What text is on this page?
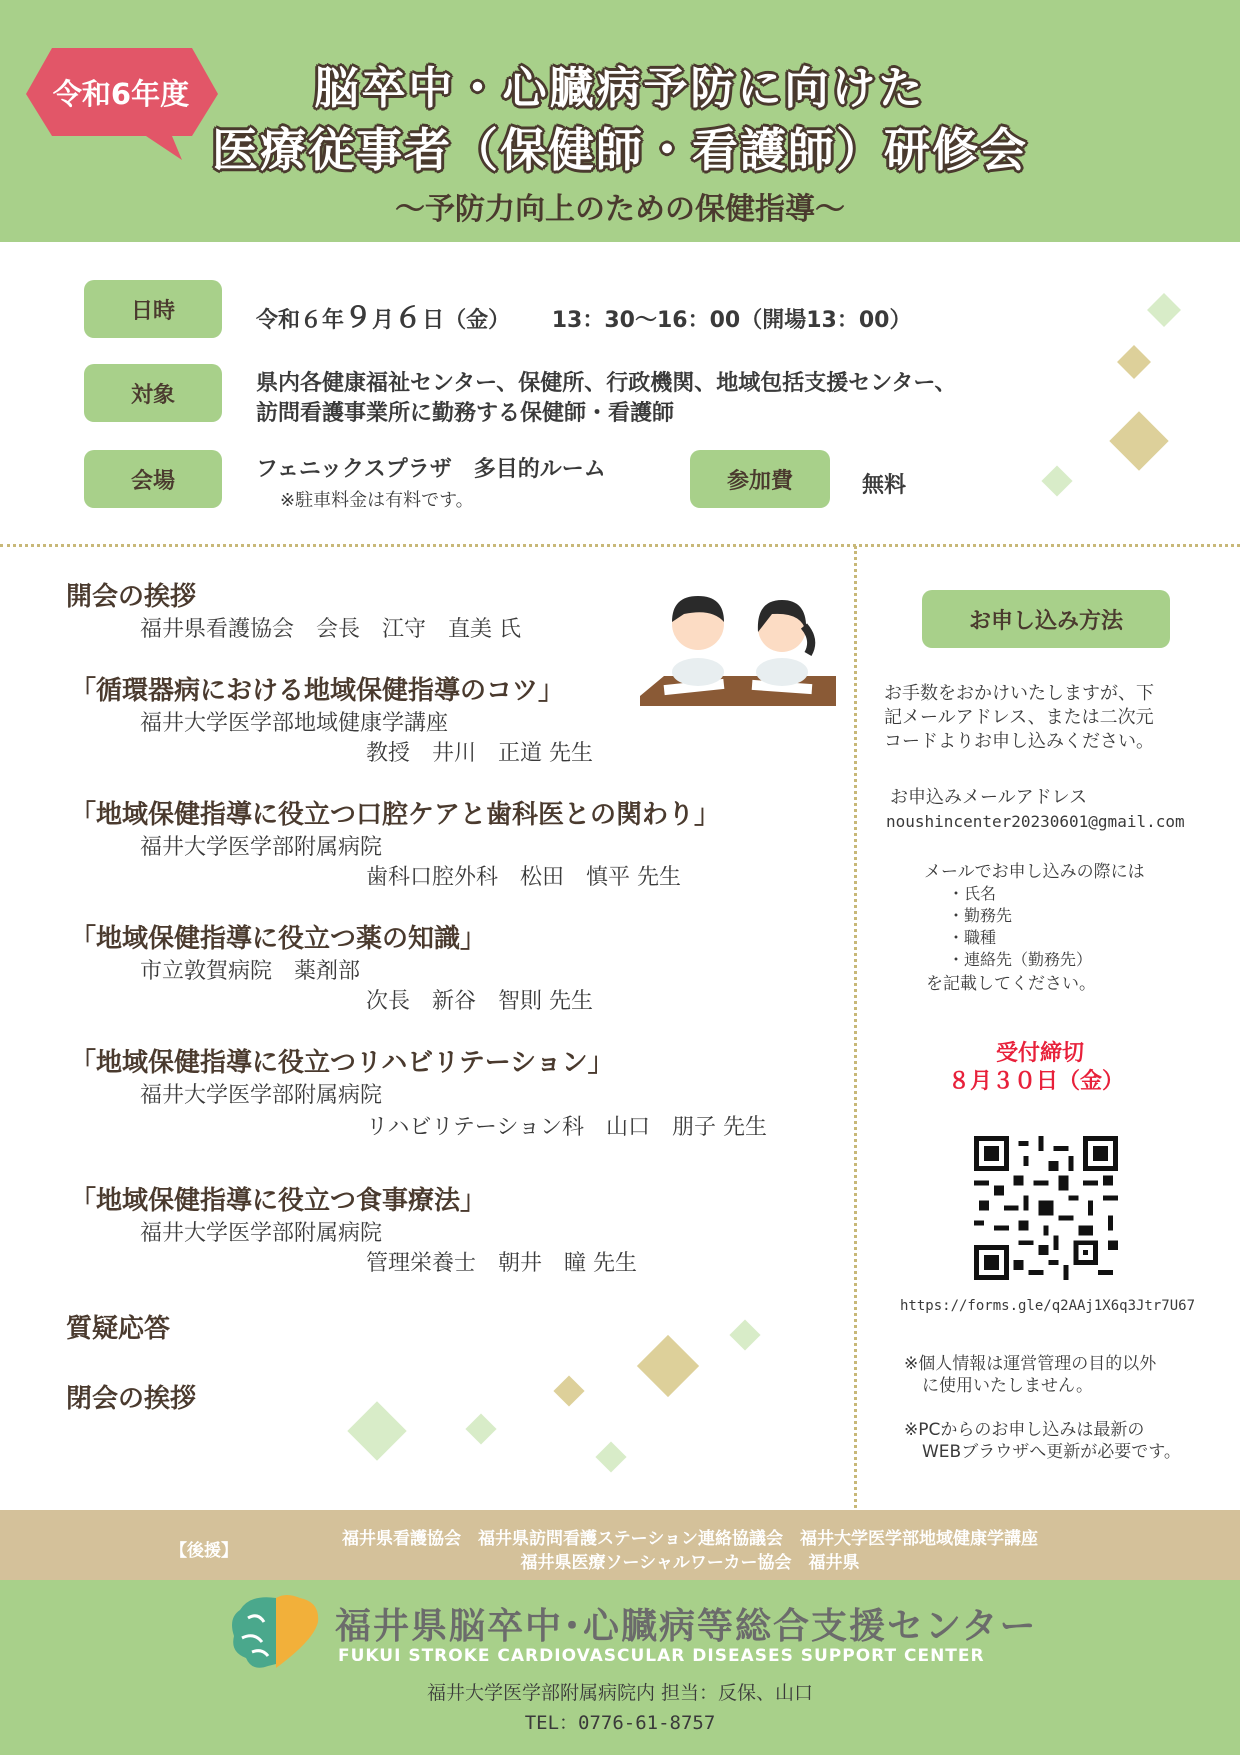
令和6年度	脳卒中・心臓病予防に向けた
医療従事者（保健師・看護師）研修会
～予防力向上のための保健指導～
日時	令和６年９月６日（金） 13：30～16：00（開場13：00）
対象	県内各健康福祉センター、保健所、行政機関、地域包括支援センター、
訪問看護事業所に勤務する保健師・看護師
会場	フェニックスプラザ　多目的ルーム
※駐車料金は有料です。
参加費	無料
開会の挨拶
福井県看護協会　会長　江守　直美 氏
「循環器病における地域保健指導のコツ」
福井大学医学部地域健康学講座
教授　井川　正道 先生
「地域保健指導に役立つ口腔ケアと歯科医との関わり」
福井大学医学部附属病院
歯科口腔外科　松田　慎平 先生
「地域保健指導に役立つ薬の知識」
市立敦賀病院　薬剤部
次長　新谷　智則 先生
「地域保健指導に役立つリハビリテーション」
福井大学医学部附属病院
リハビリテーション科　山口　朋子 先生
「地域保健指導に役立つ食事療法」
福井大学医学部附属病院
管理栄養士　朝井　瞳 先生
質疑応答
閉会の挨拶
お申し込み方法
お手数をおかけいたしますが、下
記メールアドレス、または二次元
コードよりお申し込みください。
お申込みメールアドレス
noushincenter20230601@gmail.com
メールでお申し込みの際には
・氏名
・勤務先
・職種
・連絡先（勤務先）
を記載してください。
受付締切
８月３０日（金）
https://forms.gle/q2AAj1X6q3Jtr7U67
※個人情報は運営管理の目的以外
に使用いたしません。
※PCからのお申し込みは最新の
WEBブラウザへ更新が必要です。
【後援】
福井県看護協会　福井県訪問看護ステーション連絡協議会　福井大学医学部地域健康学講座
福井県医療ソーシャルワーカー協会　福井県
福井県脳卒中･心臓病等総合支援センター
FUKUI STROKE CARDIOVASCULAR DISEASES SUPPORT CENTER
福井大学医学部附属病院内 担当：反保、山口
TEL：0776-61-8757
